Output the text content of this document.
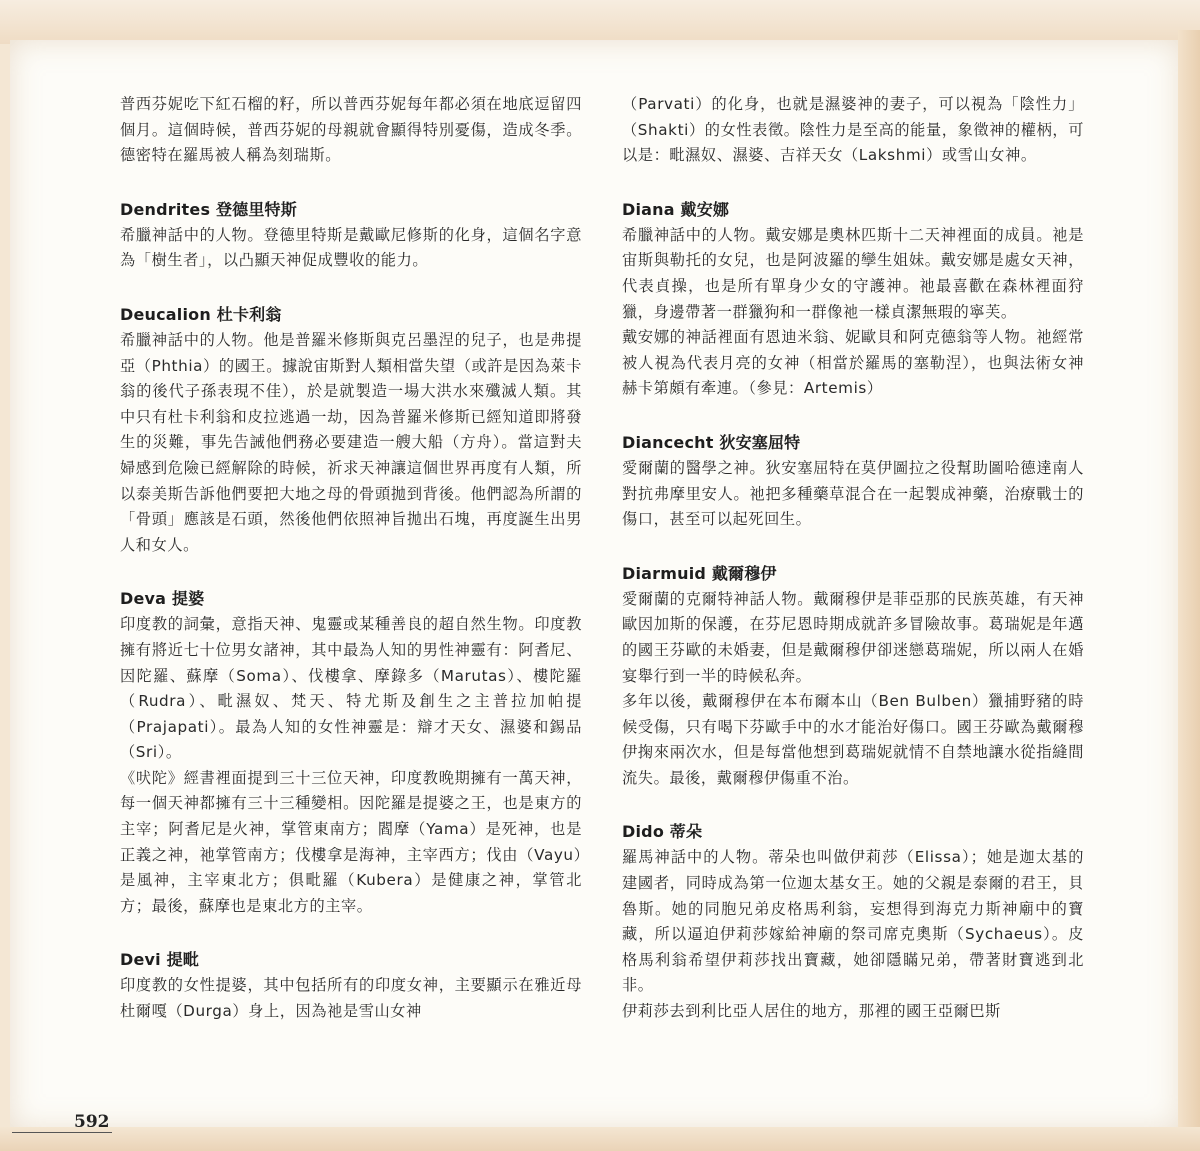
普西芬妮吃下紅石榴的籽，所以普西芬妮每年都必須在地底逗留四個月。這個時候，普西芬妮的母親就會顯得特別憂傷，造成冬季。德密特在羅馬被人稱為刻瑞斯。

Dendrites 登德里特斯

希臘神話中的人物。登德里特斯是戴歐尼修斯的化身，這個名字意為「樹生者」，以凸顯天神促成豐收的能力。

Deucalion 杜卡利翁

希臘神話中的人物。他是普羅米修斯與克呂墨涅的兒子，也是弗提亞（Phthia）的國王。據說宙斯對人類相當失望（或許是因為萊卡翁的後代子孫表現不佳），於是就製造一場大洪水來殲滅人類。其中只有杜卡利翁和皮拉逃過一劫，因為普羅米修斯已經知道即將發生的災難，事先告誡他們務必要建造一艘大船（方舟）。當這對夫婦感到危險已經解除的時候，祈求天神讓這個世界再度有人類，所以泰美斯告訴他們要把大地之母的骨頭拋到背後。他們認為所謂的「骨頭」應該是石頭，然後他們依照神旨拋出石塊，再度誕生出男人和女人。

Deva 提婆

印度教的詞彙，意指天神、鬼靈或某種善良的超自然生物。印度教擁有將近七十位男女諸神，其中最為人知的男性神靈有：阿耆尼、因陀羅、蘇摩（Soma）、伐樓拿、摩錄多（Marutas）、樓陀羅（Rudra）、毗濕奴、梵天、特尤斯及創生之主普拉加帕提（Prajapati）。最為人知的女性神靈是：辯才天女、濕婆和錫品（Sri）。

《吠陀》經書裡面提到三十三位天神，印度教晚期擁有一萬天神，每一個天神都擁有三十三種變相。因陀羅是提婆之王，也是東方的主宰；阿耆尼是火神，掌管東南方；閻摩（Yama）是死神，也是正義之神，祂掌管南方；伐樓拿是海神，主宰西方；伐由（Vayu）是風神，主宰東北方；俱毗羅（Kubera）是健康之神，掌管北方；最後，蘇摩也是東北方的主宰。

Devi 提毗

印度教的女性提婆，其中包括所有的印度女神，主要顯示在雅近母杜爾嘎（Durga）身上，因為祂是雪山女神

（Parvati）的化身，也就是濕婆神的妻子，可以視為「陰性力」（Shakti）的女性表徵。陰性力是至高的能量，象徵神的權柄，可以是：毗濕奴、濕婆、吉祥天女（Lakshmi）或雪山女神。

Diana 戴安娜

希臘神話中的人物。戴安娜是奧林匹斯十二天神裡面的成員。祂是宙斯與勒托的女兒，也是阿波羅的孿生姐妹。戴安娜是處女天神，代表貞操，也是所有單身少女的守護神。祂最喜歡在森林裡面狩獵，身邊帶著一群獵狗和一群像祂一樣貞潔無瑕的寧芙。

戴安娜的神話裡面有恩迪米翁、妮歐貝和阿克德翁等人物。祂經常被人視為代表月亮的女神（相當於羅馬的塞勒涅），也與法術女神赫卡第頗有牽連。（參見：Artemis）

Diancecht 狄安塞屈特

愛爾蘭的醫學之神。狄安塞屈特在莫伊圖拉之役幫助圖哈德達南人對抗弗摩里安人。祂把多種藥草混合在一起製成神藥，治療戰士的傷口，甚至可以起死回生。

Diarmuid 戴爾穆伊

愛爾蘭的克爾特神話人物。戴爾穆伊是菲亞那的民族英雄，有天神歐因加斯的保護，在芬尼恩時期成就許多冒險故事。葛瑞妮是年邁的國王芬歐的未婚妻，但是戴爾穆伊卻迷戀葛瑞妮，所以兩人在婚宴舉行到一半的時候私奔。

多年以後，戴爾穆伊在本布爾本山（Ben Bulben）獵捕野豬的時候受傷，只有喝下芬歐手中的水才能治好傷口。國王芬歐為戴爾穆伊掬來兩次水，但是每當他想到葛瑞妮就情不自禁地讓水從指縫間流失。最後，戴爾穆伊傷重不治。

Dido 蒂朵

羅馬神話中的人物。蒂朵也叫做伊莉莎（Elissa）；她是迦太基的建國者，同時成為第一位迦太基女王。她的父親是泰爾的君王，貝魯斯。她的同胞兄弟皮格馬利翁，妄想得到海克力斯神廟中的寶藏，所以逼迫伊莉莎嫁給神廟的祭司席克奧斯（Sychaeus）。皮格馬利翁希望伊莉莎找出寶藏，她卻隱瞞兄弟，帶著財寶逃到北非。

伊莉莎去到利比亞人居住的地方，那裡的國王亞爾巴斯

592
